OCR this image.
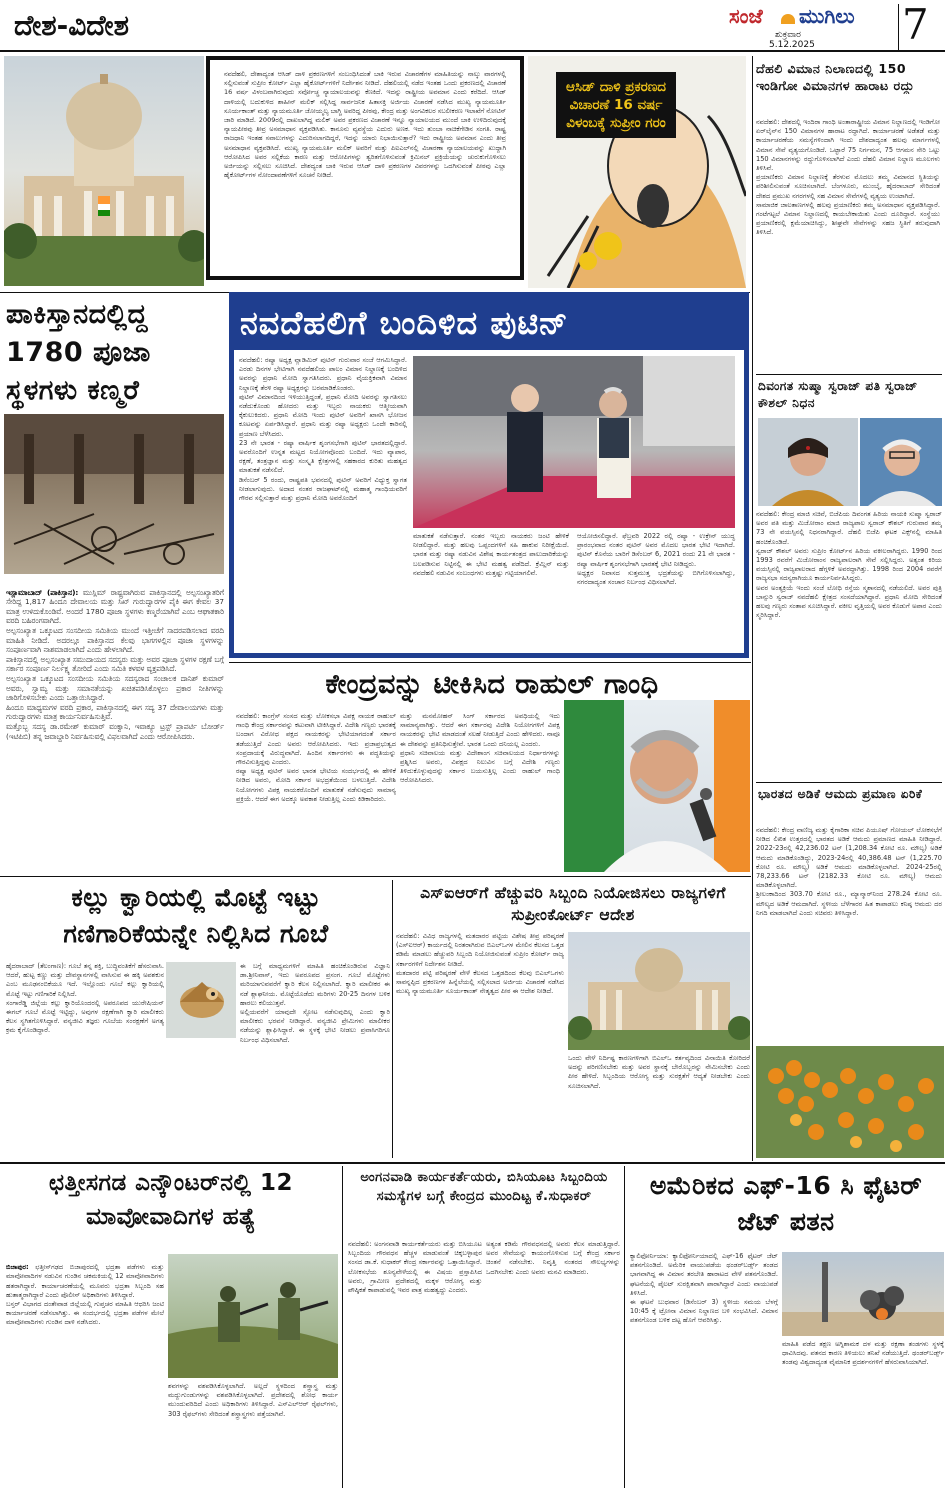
ದೇಶ-ವಿದೇಶ	ಸಂಜೆ ಮುಗಿಲು
ಶುಕ್ರವಾರ
5.12.2025 7
ನವದೆಹಲಿ, ದೇಶಾದ್ಯಂತ ಆಸಿಡ್ ದಾಳಿ ಪ್ರಕರಣಗಳಿಗೆ ಸಂಬಂಧಿಸಿದಂತೆ ಬಾಕಿ ಇರುವ ವಿಚಾರಣೆಗಳ ಮಾಹಿತಿಯನ್ನು ನಾಲ್ಕು ವಾರಗಳಲ್ಲಿ ಸಲ್ಲಿಸುವಂತೆ ಸುಪ್ರೀಂ ಕೋರ್ಟ್ ಎಲ್ಲಾ ಹೈಕೋರ್ಟ್‌ಗಳಿಗೆ ನಿರ್ದೇಶನ ನೀಡಿದೆ. ದೆಹಲಿಯಲ್ಲಿ ನಡೆದ ಇಂತಹ ಒಂದು ಪ್ರಕರಣದಲ್ಲಿ ವಿಚಾರಣೆ 16 ವರ್ಷ ವಿಳಂಬವಾಗಿರುವುದು ಸರ್ವೋಚ್ಚ ನ್ಯಾಯಾಲಯವನ್ನು ಕೆಣಕಿದೆ. ಇದನ್ನು ರಾಷ್ಟ್ರೀಯ ಅವಮಾನ ಎಂದು ಕರೆದಿದೆ. ಆಸಿಡ್ ದಾಳಿಯಲ್ಲಿ ಬದುಕುಳಿದ ಶಾಹೀನ್ ಮಲಿಕ್ ಸಲ್ಲಿಸಿದ್ದ ಸಾರ್ವಜನಿಕ ಹಿತಾಸಕ್ತಿ ಅರ್ಜಿಯ ವಿಚಾರಣೆ ನಡೆಸಿದ ಮುಖ್ಯ ನ್ಯಾಯಮೂರ್ತಿ ಸೂರ್ಯಕಾಂತ್ ಮತ್ತು ನ್ಯಾಯಮೂರ್ತಿ ಜೋಯ್ಮಲ್ಯ ಬಾಗ್ಚಿ ಅವರಿದ್ದ ಪೀಠವು, ಕೇಂದ್ರ ಮತ್ತು ಅಂಗವಿಕಲರ ಸಬಲೀಕರಣ ಇಲಾಖೆಗೆ ನೋಟಿಸ್ ಜಾರಿ ಮಾಡಿದೆ. 2009ರಲ್ಲಿ ದಾಖಲಾಗಿದ್ದ ಮಲಿಕ್ ಅವರ ಪ್ರಕರಣದ ವಿಚಾರಣೆ ಇನ್ನೂ ನ್ಯಾಯಾಲಯದ ಮುಂದೆ ಬಾಕಿ ಉಳಿದಿರುವುದಕ್ಕೆ ನ್ಯಾಯಪೀಠವು ತೀವ್ರ ಅಸಮಾಧಾನ ವ್ಯಕ್ತಪಡಿಸಿತು. ಕಾನೂನು ವ್ಯವಸ್ಥೆಯ ಎದುರು ಅಣಕ. ಇದು ತುಂಬಾ ನಾಚಿಕೆಗೇಡಿನ ಸಂಗತಿ. ರಾಷ್ಟ್ರ ರಾಜಧಾನಿ ಇಂತಹ ಸವಾಲುಗಳನ್ನು ಎದುರಿಸಲಾಗದಿದ್ದರೆ, ಇದನ್ನು ಯಾರು ನಿಭಾಯಿಸುತ್ತಾರೆ? ಇದು ರಾಷ್ಟ್ರೀಯ ಅವಮಾನ ಎಂದು ತೀವ್ರ ಅಸಮಾಧಾನ ವ್ಯಕ್ತಪಡಿಸಿದೆ. ಮುಖ್ಯ ನ್ಯಾಯಮೂರ್ತಿ ಮಲಿಕ್ ಅವರಿಗೆ ಮತ್ತು ಪಿಐಎಲ್‌ನಲ್ಲಿ ವಿಚಾರಣಾ ನ್ಯಾಯಾಲಯವನ್ನು ಖುದ್ದಾಗಿ ಆರೋಪಿಸಿದ ಅವರ ಸಲ್ಲಿಕೆಯ ಕಾರಣ ಮತ್ತು ಆರೋಪಿಗಳನ್ನು ತ್ವರಿತಗೊಳಿಸುವಂತೆ ಕ್ರಿಮಿನಲ್ ಪ್ರಕ್ರಿಯೆಯನ್ನು ಚುರುಕುಗೊಳಿಸಲು ಅರ್ಜಿಯನ್ನು ಸಲ್ಲಿಸಲು ಸೂಚಿಸಿದೆ. ದೇಶದ್ಯಂತ ಬಾಕಿ ಇರುವ ಆಸಿಡ್ ದಾಳಿ ಪ್ರಕರಣಗಳ ವಿವರಗಳನ್ನು ಒದಗಿಸುವಂತೆ ಪೀಠವು ಎಲ್ಲಾ ಹೈಕೋರ್ಟ್‌ಗಳ ನೋಂದಾವಣೆಗಳಿಗೆ ಸೂಚನೆ ನೀಡಿದೆ.
ಆಸಿಡ್ ದಾಳಿ ಪ್ರಕರಣದ ವಿಚಾರಣೆ 16 ವರ್ಷ ವಿಳಂಬಕ್ಕೆ ಸುಪ್ರೀಂ ಗರಂ
ಪಾಕಿಸ್ತಾನದಲ್ಲಿದ್ದ 1780 ಪೂಜಾ ಸ್ಥಳಗಳು ಕಣ್ಮರೆ

ಇಸ್ಲಾಮಾಬಾದ್ (ಪಾಕಿಸ್ತಾನ): ಮುಸ್ಲಿಮ್ ರಾಷ್ಟ್ರವಾಗಿರುವ ಪಾಕಿಸ್ತಾನದಲ್ಲಿ ಅಲ್ಪಸಂಖ್ಯಾತರಿಗೆ ಸೇರಿದ್ದ 1,817 ಹಿಂದೂ ದೇವಾಲಯ ಮತ್ತು ಸಿಖ್ ಗುರುದ್ವಾರಗಳ ಪೈಕಿ ಈಗ ಕೇವಲ 37 ಮಾತ್ರ ಉಳಿದುಕೊಂಡಿವೆ. ಅಂದರೆ 1780 ಪೂಜಾ ಸ್ಥಳಗಳು ಕಣ್ಮರೆಯಾಗಿವೆ ಎಂಬ ಆಘಾತಕಾರಿ ವರದಿ ಬಹಿರಂಗವಾಗಿದೆ.
ಅಲ್ಪಸಂಖ್ಯಾತ ಒಕ್ಕೂಟದ ಸಂಸದೀಯ ಸಮಿತಿಯ ಮುಂದೆ ಇತ್ತೀಚೆಗೆ ಸಾದರಪಡಿಸಲಾದ ವರದಿ ಮಾಹಿತಿ ನೀಡಿದೆ. ಅದರಲ್ಲೂ ಪಾಕಿಸ್ತಾನದ ಕೆಲವು ಭಾಗಗಳಲ್ಲಿನ ಪೂಜಾ ಸ್ಥಳಗಳನ್ನು ಸಂಪೂರ್ಣವಾಗಿ ನಾಶಮಾಡಲಾಗಿದೆ ಎಂದು ಹೇಳಲಾಗಿದೆ.
ಪಾಕಿಸ್ತಾನದಲ್ಲಿ ಅಲ್ಪಸಂಖ್ಯಾತ ಸಮುದಾಯದ ಸದಸ್ಯರು ಮತ್ತು ಅವರ ಪೂಜಾ ಸ್ಥಳಗಳ ರಕ್ಷಣೆ ಬಗ್ಗೆ ಸರ್ಕಾರ ಸಂಪೂರ್ಣ ನಿರ್ಲಕ್ಷ್ಯ ತೋರಿದೆ ಎಂದು ಸಮಿತಿ ಕಳವಳ ವ್ಯಕ್ತಪಡಿಸಿದೆ.
ಅಲ್ಪಸಂಖ್ಯಾತ ಒಕ್ಕೂಟದ ಸಂಸದೀಯ ಸಮಿತಿಯ ಸದಸ್ಯರಾದ ಸಂಚಾಲಕ ದಾನಿಶ್ ಕುಮಾರ್ ಅವರು, ಸ್ವಾಮ್ಯ ಮತ್ತು ಸಮಾನತೆಯನ್ನು ಖಚಿತಪಡಿಸಿಕೊಳ್ಳಲು ಪ್ರಕಾರ ನೀತಿಗಳನ್ನು ಜಾರಿಗೊಳಿಸಬೇಕು ಎಂದು ಒತ್ತಾಯಿಸಿದ್ದಾರೆ.
ಹಿಂದೂ ಮಾಧ್ಯಮಗಳ ವರದಿ ಪ್ರಕಾರ, ಪಾಕಿಸ್ತಾನದಲ್ಲಿ ಈಗ ಸದ್ಯ 37 ದೇವಾಲಯಗಳು ಮತ್ತು ಗುರುದ್ವಾರಗಳು ಮಾತ್ರ ಕಾರ್ಯನಿರ್ವಹಿಸುತ್ತಿವೆ.
ಮತ್ತೊಬ್ಬ ಸದಸ್ಯ ಡಾ.ರಮೇಶ್ ಕುಮಾರ್ ವಂಕ್ವಾನಿ, ಇವಾಕ್ಯೂ ಟ್ರಸ್ಟ್ ಪ್ರಾಪರ್ಟಿ ಬೋರ್ಡ್ (ಇಟಿಪಿಬಿ) ತನ್ನ ಜವಾಬ್ದಾರಿ ನಿರ್ವಹಿಸುವಲ್ಲಿ ವಿಫಲವಾಗಿದೆ ಎಂದು ಆರೋಪಿಸಿದರು.

ನವದೆಹಲಿಗೆ ಬಂದಿಳಿದ ಪುಟಿನ್
ನವದೆಹಲಿ: ರಷ್ಯಾ ಅಧ್ಯಕ್ಷ ವ್ಲಾಡಿಮಿರ್ ಪುಟಿನ್ ಗುರುವಾರ ಸಂಜೆ ಆಗಮಿಸಿದ್ದಾರೆ. ಎರಡು ದಿನಗಳ ಭೇಟಿಗಾಗಿ ನವದೆಹಲಿಯ ಪಾಲಂ ವಿಮಾನ ನಿಲ್ದಾಣಕ್ಕೆ ಬಂದಿಳಿದ ಅವರನ್ನು ಪ್ರಧಾನಿ ಮೋದಿ ಸ್ವಾಗತಿಸಿದರು. ಪ್ರಧಾನಿ ವೈಯಕ್ತಿಕವಾಗಿ ವಿಮಾನ ನಿಲ್ದಾಣಕ್ಕೆ ತೆರಳಿ ರಷ್ಯಾ ಅಧ್ಯಕ್ಷರನ್ನು ಬರಮಾಡಿಕೊಂಡರು.
ಪುಟಿನ್ ವಿಮಾನದಿಂದ ಇಳಿಯುತ್ತಿದ್ದಂತೆ, ಪ್ರಧಾನಿ ಮೋದಿ ಅವರನ್ನು ಸ್ವಾಗತಿಸಲು ನಡೆದುಕೊಂಡು ಹೋದರು ಮತ್ತು ಇಬ್ಬರು ನಾಯಕರು ಆತ್ಮೀಯವಾಗಿ ಕೈಕುಲುಕಿದರು. ಪ್ರಧಾನಿ ಮೋದಿ ಇಂದು ಪುಟಿನ್ ಅವರಿಗೆ ಖಾಸಗಿ ಭೋಜನ ಕೂಟವನ್ನು ಏರ್ಪಡಿಸಿದ್ದಾರೆ. ಪ್ರಧಾನಿ ಮತ್ತು ರಷ್ಯಾ ಅಧ್ಯಕ್ಷರು ಒಂದೇ ಕಾರಿನಲ್ಲಿ ಪ್ರಯಾಣ ಬೆಳೆಸಿದರು.
23 ನೇ ಭಾರತ - ರಷ್ಯಾ ವಾರ್ಷಿಕ ಶೃಂಗಸಭೆಗಾಗಿ ಪುಟಿನ್ ಭಾರತದಲ್ಲಿದ್ದಾರೆ. ಅವರೊಂದಿಗೆ ಉನ್ನತ ಮಟ್ಟದ ನಿಯೋಗವೊಂದು ಬಂದಿದೆ. ಇದು ವ್ಯಾಪಾರ, ರಕ್ಷಣೆ, ತಂತ್ರಜ್ಞಾನ ಮತ್ತು ಸಂಸ್ಕೃತಿ ಕ್ಷೇತ್ರಗಳಲ್ಲಿ ಸಹಕಾರದ ಕುರಿತು ಮಹತ್ವದ ಮಾತುಕತೆ ನಡೆಸಲಿದೆ.
ಡಿಸೆಂಬರ್ 5 ರಂದು, ರಾಷ್ಟ್ರಪತಿ ಭವನದಲ್ಲಿ ಪುಟಿನ್ ಅವರಿಗೆ ವಿಧ್ಯುಕ್ತ ಸ್ವಾಗತ ನೀಡಲಾಗುವುದು. ಅದಾದ ನಂತರ ರಾಜಘಾಟ್‌ನಲ್ಲಿ ಮಹಾತ್ಮ ಗಾಂಧಿಯವರಿಗೆ ಗೌರವ ಸಲ್ಲಿಸುತ್ತಾರೆ ಮತ್ತು ಪ್ರಧಾನಿ ಮೋದಿ ಅವರೊಂದಿಗೆ
ಮಾತುಕತೆ ನಡೆಸುತ್ತಾರೆ. ನಂತರ ಇಬ್ಬರು ನಾಯಕರು ಜಂಟಿ ಹೇಳಿಕೆ ನೀಡಲಿದ್ದಾರೆ. ಮತ್ತು ಹಲವು ಒಪ್ಪಂದಗಳಿಗೆ ಸಹಿ ಹಾಕುವ ನಿರೀಕ್ಷೆಯಿದೆ. ಭಾರತ ಮತ್ತು ರಷ್ಯಾ ನಡುವಿನ ವಿಶೇಷ ಕಾರ್ಯತಂತ್ರದ ಪಾಲುದಾರಿಕೆಯನ್ನು ಬಲಪಡಿಸುವ ನಿಟ್ಟಿನಲ್ಲಿ ಈ ಭೇಟಿ ಮಹತ್ವ ಪಡೆದಿದೆ. ಕ್ರೆಮ್ಲಿನ್ ಮತ್ತು ನವದೆಹಲಿ ನಡುವಿನ ಸಂಬಂಧಗಳು ಮತ್ತಷ್ಟು ಗಟ್ಟಿಯಾಗಲಿವೆ.
ಆಯೋಜಿಸಲಿದ್ದಾರೆ. ಫೆಬ್ರವರಿ 2022 ರಲ್ಲಿ ರಷ್ಯಾ - ಉಕ್ರೇನ್ ಯುದ್ಧ ಪ್ರಾರಂಭವಾದ ನಂತರ ಪುಟಿನ್ ಅವರ ಮೊದಲ ಭಾರತ ಭೇಟಿ ಇದಾಗಿದೆ. ಪುಟಿನ್ ಕೊನೆಯ ಬಾರಿಗೆ ಡಿಸೆಂಬರ್ 6, 2021 ರಂದು 21 ನೇ ಭಾರತ - ರಷ್ಯಾ ವಾರ್ಷಿಕ ಶೃಂಗಸಭೆಗಾಗಿ ಭಾರತಕ್ಕೆ ಭೇಟಿ ನೀಡಿದ್ದರು.
ಅಧ್ಯಕ್ಷರ ನಿವಾಸದ ಸುತ್ತಮುತ್ತ ಭದ್ರತೆಯನ್ನು ಬಿಗಿಗೊಳಿಸಲಾಗಿದ್ದು, ನಗರದಾದ್ಯಂತ ಸಂಚಾರ ನಿರ್ಬಂಧ ವಿಧಿಸಲಾಗಿದೆ.
ದೆಹಲಿ ವಿಮಾನ ನಿಲಾಣದಲ್ಲಿ 150 ಇಂಡಿಗೋ ವಿಮಾನಗಳ ಹಾರಾಟ ರದ್ದು
ನವದೆಹಲಿ: ದೇಶದಲ್ಲಿ ಇಂದಿರಾ ಗಾಂಧಿ ಅಂತಾರಾಷ್ಟ್ರೀಯ ವಿಮಾನ ನಿಲ್ದಾಣದಲ್ಲಿ ಇಂಡಿಗೋ ಏರ್‌ಲೈನ್‌ನ 150 ವಿಮಾನಗಳ ಹಾರಾಟ ರದ್ದಾಗಿದೆ. ಕಾರ್ಯಾಚರಣೆ ಅಡೆತಡೆ ಮತ್ತು ಕಾರ್ಯಾಚರಣೆಯ ಸಮಸ್ಯೆಗಳಿಂದಾಗಿ ಇಂದು ದೇಶದಾದ್ಯಂತ ಹಲವು ಮಾರ್ಗಗಳಲ್ಲಿ ವಿಮಾನ ಸೇವೆ ವ್ಯತ್ಯಯಗೊಂಡಿದೆ. ಒಟ್ಟಾರೆ 75 ನಿರ್ಗಮನ, 75 ಆಗಮನ ಸೇರಿ ಒಟ್ಟು 150 ವಿಮಾನಗಳನ್ನು ರದ್ದುಗೊಳಿಸಲಾಗಿದೆ ಎಂದು ದೆಹಲಿ ವಿಮಾನ ನಿಲ್ದಾಣ ಮೂಲಗಳು ತಿಳಿಸಿವೆ.
ಪ್ರಯಾಣಿಕರು ವಿಮಾನ ನಿಲ್ದಾಣಕ್ಕೆ ತೆರಳುವ ಮೊದಲು ತಮ್ಮ ವಿಮಾನದ ಸ್ಥಿತಿಯನ್ನು ಪರಿಶೀಲಿಸುವಂತೆ ಸೂಚಿಸಲಾಗಿದೆ. ಬೆಂಗಳೂರು, ಮುಂಬೈ, ಹೈದರಾಬಾದ್ ಸೇರಿದಂತೆ ದೇಶದ ಪ್ರಮುಖ ನಗರಗಳಲ್ಲಿ ಸಹ ವಿಮಾನ ಸೇವೆಗಳಲ್ಲಿ ವ್ಯತ್ಯಯ ಉಂಟಾಗಿದೆ.
ಸಾಮಾಜಿಕ ಜಾಲತಾಣಗಳಲ್ಲಿ ಹಲವು ಪ್ರಯಾಣಿಕರು ತಮ್ಮ ಅಸಮಾಧಾನ ವ್ಯಕ್ತಪಡಿಸಿದ್ದಾರೆ. ಗಂಟೆಗಟ್ಟಲೆ ವಿಮಾನ ನಿಲ್ದಾಣದಲ್ಲಿ ಕಾಯಬೇಕಾಯಿತು ಎಂದು ದೂರಿದ್ದಾರೆ. ಸಂಸ್ಥೆಯು ಪ್ರಯಾಣಿಕರಲ್ಲಿ ಕ್ಷಮೆಯಾಚಿಸಿದ್ದು, ಶೀಘ್ರವೇ ಸೇವೆಗಳನ್ನು ಸಹಜ ಸ್ಥಿತಿಗೆ ತರುವುದಾಗಿ ತಿಳಿಸಿದೆ.
ದಿವಂಗತ ಸುಷ್ಮಾ ಸ್ವರಾಜ್ ಪತಿ ಸ್ವರಾಜ್ ಕೌಶಲ್ ನಿಧನ
ನವದೆಹಲಿ: ಕೇಂದ್ರ ಮಾಜಿ ಸಚಿವೆ, ಬಿಜೆಪಿಯ ದಿವಂಗತ ಹಿರಿಯ ನಾಯಕಿ ಸುಷ್ಮಾ ಸ್ವರಾಜ್ ಅವರ ಪತಿ ಮತ್ತು ಮಿಜೋರಾಂ ಮಾಜಿ ರಾಜ್ಯಪಾಲ ಸ್ವರಾಜ್ ಕೌಶಲ್ ಗುರುವಾರ ತಮ್ಮ 73 ನೇ ವಯಸ್ಸಿನಲ್ಲಿ ನಿಧನರಾಗಿದ್ದಾರೆ. ದೆಹಲಿ ಬಿಜೆಪಿ ಘಟಕ ಎಕ್ಸ್‌ನಲ್ಲಿ ಮಾಹಿತಿ ಹಂಚಿಕೊಂಡಿದೆ.
ಸ್ವರಾಜ್ ಕೌಶಲ್ ಅವರು ಸುಪ್ರೀಂ ಕೋರ್ಟ್‌ನ ಹಿರಿಯ ವಕೀಲರಾಗಿದ್ದರು. 1990 ರಿಂದ 1993 ರವರೆಗೆ ಮಿಜೋರಾಂನ ರಾಜ್ಯಪಾಲರಾಗಿ ಸೇವೆ ಸಲ್ಲಿಸಿದ್ದರು. ಅತ್ಯಂತ ಕಿರಿಯ ವಯಸ್ಸಿನಲ್ಲಿ ರಾಜ್ಯಪಾಲರಾದ ಹೆಗ್ಗಳಿಕೆ ಅವರದ್ದಾಗಿತ್ತು. 1998 ರಿಂದ 2004 ರವರೆಗೆ ರಾಜ್ಯಸಭಾ ಸದಸ್ಯರಾಗಿಯೂ ಕಾರ್ಯನಿರ್ವಹಿಸಿದ್ದರು.
ಅವರ ಅಂತ್ಯಕ್ರಿಯೆ ಇಂದು ಸಂಜೆ ಲೋಧಿ ರಸ್ತೆಯ ಸ್ಮಶಾನದಲ್ಲಿ ನಡೆಯಲಿದೆ. ಅವರ ಪುತ್ರಿ ಬಾನ್ಸುರಿ ಸ್ವರಾಜ್ ನವದೆಹಲಿ ಕ್ಷೇತ್ರದ ಸಂಸದೆಯಾಗಿದ್ದಾರೆ. ಪ್ರಧಾನಿ ಮೋದಿ ಸೇರಿದಂತೆ ಹಲವು ಗಣ್ಯರು ಸಂತಾಪ ಸೂಚಿಸಿದ್ದಾರೆ. ವಕೀಲ ವೃತ್ತಿಯಲ್ಲಿ ಅವರ ಕೊಡುಗೆ ಅಪಾರ ಎಂದು ಸ್ಮರಿಸಿದ್ದಾರೆ.
ಭಾರತದ ಅಡಿಕೆ ಆಮದು ಪ್ರಮಾಣ ಏರಿಕೆ
ನವದೆಹಲಿ: ಕೇಂದ್ರ ವಾಣಿಜ್ಯ ಮತ್ತು ಕೈಗಾರಿಕಾ ಸಚಿವ ಪಿಯೂಷ್ ಗೋಯಲ್ ಲೋಕಸಭೆಗೆ ನೀಡಿದ ಲಿಖಿತ ಉತ್ತರದಲ್ಲಿ ಭಾರತದ ಅಡಿಕೆ ಆಮದು ಪ್ರಮಾಣದ ಮಾಹಿತಿ ನೀಡಿದ್ದಾರೆ. 2022-23ರಲ್ಲಿ 42,236.02 ಟನ್ (1,208.34 ಕೋಟಿ ರೂ. ಮೌಲ್ಯ) ಅಡಿಕೆ ಆಮದು ಮಾಡಿಕೊಂಡಿದ್ದು, 2023-24ರಲ್ಲಿ 40,386.48 ಟನ್ (1,225.70 ಕೋಟಿ ರೂ. ಮೌಲ್ಯ) ಅಡಿಕೆ ಆಮದು ಮಾಡಿಕೊಳ್ಳಲಾಗಿದೆ. 2024-25ರಲ್ಲಿ 78,233.66 ಟನ್ (2182.33 ಕೋಟಿ ರೂ. ಮೌಲ್ಯ) ಆಮದು ಮಾಡಿಕೊಳ್ಳಲಾಗಿದೆ.
ಶ್ರೀಲಂಕಾದಿಂದ 303.70 ಕೋಟಿ ರೂ., ಮ್ಯಾನ್ಮಾರ್‌ನಿಂದ 278.24 ಕೋಟಿ ರೂ. ಮೌಲ್ಯದ ಅಡಿಕೆ ಆಮದಾಗಿದೆ. ಸ್ಥಳೀಯ ಬೆಳೆಗಾರರ ಹಿತ ಕಾಪಾಡಲು ಕನಿಷ್ಠ ಆಮದು ದರ ನಿಗದಿ ಮಾಡಲಾಗಿದೆ ಎಂದು ಸಚಿವರು ತಿಳಿಸಿದ್ದಾರೆ.
ಕೇಂದ್ರವನ್ನು ಟೀಕಿಸಿದ ರಾಹುಲ್ ಗಾಂಧಿ
ನವದೆಹಲಿ: ಕಾಂಗ್ರೆಸ್ ಸಂಸದ ಮತ್ತು ಲೋಕಸಭಾ ವಿಪಕ್ಷ ನಾಯಕ ರಾಹುಲ್ ಗಾಂಧಿ ಕೇಂದ್ರ ಸರ್ಕಾರವನ್ನು ಕಟುವಾಗಿ ಟೀಕಿಸಿದ್ದಾರೆ. ವಿದೇಶಿ ಗಣ್ಯರು ಭಾರತಕ್ಕೆ ಬಂದಾಗ ವಿರೋಧ ಪಕ್ಷದ ನಾಯಕರನ್ನು ಭೇಟಿಯಾಗದಂತೆ ಸರ್ಕಾರ ತಡೆಯುತ್ತಿದೆ ಎಂದು ಅವರು ಆರೋಪಿಸಿದರು. ಇದು ಪ್ರಜಾಪ್ರಭುತ್ವದ ಸಂಪ್ರದಾಯಕ್ಕೆ ವಿರುದ್ಧವಾಗಿದೆ. ಹಿಂದಿನ ಸರ್ಕಾರಗಳು ಈ ಪದ್ಧತಿಯನ್ನು ಗೌರವಿಸುತ್ತಿದ್ದವು ಎಂದರು.
ರಷ್ಯಾ ಅಧ್ಯಕ್ಷ ಪುಟಿನ್ ಅವರ ಭಾರತ ಭೇಟಿಯ ಸಂದರ್ಭದಲ್ಲಿ ಈ ಹೇಳಿಕೆ ನೀಡಿದ ಅವರು, ಮೋದಿ ಸರ್ಕಾರ ಅಭದ್ರತೆಯಿಂದ ಬಳಲುತ್ತಿದೆ. ವಿದೇಶಿ ನಿಯೋಗಗಳು ವಿಪಕ್ಷ ನಾಯಕರೊಂದಿಗೆ ಮಾತುಕತೆ ನಡೆಸುವುದು ಸಾಮಾನ್ಯ ಪ್ರಕ್ರಿಯೆ. ಆದರೆ ಈಗ ಅದಕ್ಕೂ ಅವಕಾಶ ನೀಡುತ್ತಿಲ್ಲ ಎಂದು ಕಿಡಿಕಾರಿದರು.
ಮತ್ತು ಮನಮೋಹನ್ ಸಿಂಗ್ ಸರ್ಕಾರದ ಅವಧಿಯಲ್ಲಿ ಇದು ಸಾಮಾನ್ಯವಾಗಿತ್ತು. ಆದರೆ ಈಗ ಸರ್ಕಾರವು ವಿದೇಶಿ ನಿಯೋಗಗಳಿಗೆ ವಿಪಕ್ಷ ನಾಯಕರನ್ನು ಭೇಟಿ ಮಾಡದಂತೆ ಸಲಹೆ ನೀಡುತ್ತಿದೆ ಎಂದು ಹೇಳಿದರು. ನಾವೂ ಈ ದೇಶವನ್ನು ಪ್ರತಿನಿಧಿಸುತ್ತೇವೆ. ಭಾರತ ಒಂದು ದನಿಯಲ್ಲ ಎಂದರು.
ಪ್ರಧಾನಿ ಸಚಿವಾಲಯ ಮತ್ತು ವಿದೇಶಾಂಗ ಸಚಿವಾಲಯದ ನಿರ್ಧಾರಗಳನ್ನು ಪ್ರಶ್ನಿಸಿದ ಅವರು, ವಿಪಕ್ಷದ ನಿಲುವಿನ ಬಗ್ಗೆ ವಿದೇಶಿ ಗಣ್ಯರು ತಿಳಿದುಕೊಳ್ಳುವುದನ್ನು ಸರ್ಕಾರ ಬಯಸುತ್ತಿಲ್ಲ ಎಂದು ರಾಹುಲ್ ಗಾಂಧಿ ಆರೋಪಿಸಿದರು.
ಕಲ್ಲು ಕ್ವಾರಿಯಲ್ಲಿ ಮೊಟ್ಟೆ ಇಟ್ಟು ಗಣಿಗಾರಿಕೆಯನ್ನೇ ನಿಲ್ಲಿಸಿದ ಗೂಬೆ
ಹೈದರಾಬಾದ್ (ತೆಲಂಗಾಣ): ಗೂಬೆ ತನ್ನ ಶಕ್ತಿ, ಬುದ್ಧಿವಂತಿಕೆಗೆ ಹೆಸರುವಾಸಿ. ಆದರೆ, ಹುಟ್ಟ ಕಣ್ಣು ಮತ್ತು ದೇವಸ್ಥಾನಗಳಲ್ಲಿ ವಾಸಿಸುವ ಈ ಹಕ್ಕಿ ಅಪಶಕುನ ಎಂಬ ಮೂಢನಂಬಿಕೆಯೂ ಇದೆ. ಇಲ್ಲೊಂದು ಗೂಬೆ ಕಲ್ಲು ಕ್ವಾರಿಯಲ್ಲಿ ಮೊಟ್ಟೆ ಇಟ್ಟು ಗಣಿಗಾರಿಕೆ ನಿಲ್ಲಿಸಿದೆ.
ಸಂಗಾರೆಡ್ಡಿ ಜಿಲ್ಲೆಯ ಕಲ್ಲು ಕ್ವಾರಿಯೊಂದರಲ್ಲಿ ಅಪರೂಪದ ಯುರೇಷಿಯನ್ ಈಗಲ್ ಗೂಬೆ ಮೊಟ್ಟೆ ಇಟ್ಟಿದ್ದು, ಅವುಗಳ ರಕ್ಷಣೆಗಾಗಿ ಕ್ವಾರಿ ಮಾಲೀಕರು ಕೆಲಸ ಸ್ಥಗಿತಗೊಳಿಸಿದ್ದಾರೆ. ವನ್ಯಜೀವಿ ತಜ್ಞರು ಗೂಬೆಯ ಸಂರಕ್ಷಣೆಗೆ ಅಗತ್ಯ ಕ್ರಮ ಕೈಗೊಂಡಿದ್ದಾರೆ.
ಈ ಬಗ್ಗೆ ಮಾಧ್ಯಮಗಳಿಗೆ ಮಾಹಿತಿ ಹಂಚಿಕೊಂಡಿರುವ ವಿಜ್ಞಾನಿ ಡಾ.ಶ್ರೀನಿವಾಸ್, ಇದು ಅಪರೂಪದ ಪ್ರಸಂಗ. ಗೂಬೆ ಮೊಟ್ಟೆಗಳು ಮರಿಯಾಗುವವರೆಗೆ ಕ್ವಾರಿ ಕೆಲಸ ನಿಲ್ಲಿಸಲಾಗಿದೆ. ಕ್ವಾರಿ ಮಾಲೀಕರ ಈ ನಡೆ ಶ್ಲಾಘನೀಯ. ಮೊಟ್ಟೆಯೊಡೆದು ಮರಿಗಳು 20-25 ದಿನಗಳ ಬಳಿಕ ಹಾರಲು ಕಲಿಯುತ್ತವೆ.
ಅಲ್ಲಿಯವರೆಗೆ ಯಾವುದೇ ಸ್ಫೋಟ ನಡೆಸುವುದಿಲ್ಲ ಎಂದು ಕ್ವಾರಿ ಮಾಲೀಕರು ಭರವಸೆ ನೀಡಿದ್ದಾರೆ. ವನ್ಯಜೀವಿ ಪ್ರೇಮಿಗಳು ಮಾಲೀಕರ ನಡೆಯನ್ನು ಶ್ಲಾಘಿಸಿದ್ದಾರೆ. ಈ ಸ್ಥಳಕ್ಕೆ ಭೇಟಿ ನೀಡಲು ಪ್ರವಾಸಿಗರಿಗೂ ನಿರ್ಬಂಧ ವಿಧಿಸಲಾಗಿದೆ.
ಎಸ್‌ಐಆರ್‌ಗೆ ಹೆಚ್ಚುವರಿ ಸಿಬ್ಬಂದಿ ನಿಯೋಜಿಸಲು ರಾಜ್ಯಗಳಿಗೆ ಸುಪ್ರೀಂಕೋರ್ಟ್ ಆದೇಶ
ನವದೆಹಲಿ: ವಿವಿಧ ರಾಜ್ಯಗಳಲ್ಲಿ ಮತದಾರರ ಪಟ್ಟಿಯ ವಿಶೇಷ ತೀವ್ರ ಪರಿಷ್ಕರಣೆ (ಎಸ್‌ಐಆರ್) ಕಾರ್ಯದಲ್ಲಿ ನಿರತರಾಗಿರುವ ಬಿಎಲ್‌ಒಗಳ ಮೇಲಿನ ಕೆಲಸದ ಒತ್ತಡ ಕಡಿಮೆ ಮಾಡಲು ಹೆಚ್ಚುವರಿ ಸಿಬ್ಬಂದಿ ನಿಯೋಜಿಸುವಂತೆ ಸುಪ್ರೀಂ ಕೋರ್ಟ್ ರಾಜ್ಯ ಸರ್ಕಾರಗಳಿಗೆ ನಿರ್ದೇಶನ ನೀಡಿದೆ.
ಮತದಾರರ ಪಟ್ಟಿ ಪರಿಷ್ಕರಣೆ ವೇಳೆ ಕೆಲಸದ ಒತ್ತಡದಿಂದ ಕೆಲವು ಬಿಎಲ್‌ಒಗಳು ಸಾವನ್ನಪ್ಪಿದ ಪ್ರಕರಣಗಳ ಹಿನ್ನೆಲೆಯಲ್ಲಿ ಸಲ್ಲಿಸಲಾದ ಅರ್ಜಿಯ ವಿಚಾರಣೆ ನಡೆಸಿದ ಮುಖ್ಯ ನ್ಯಾಯಮೂರ್ತಿ ಸೂರ್ಯಕಾಂತ್ ನೇತೃತ್ವದ ಪೀಠ ಈ ಆದೇಶ ನೀಡಿದೆ.
ಒಂದು ವೇಳೆ ನಿರ್ದಿಷ್ಟ ಕಾರಣಗಳಿಗಾಗಿ ಬಿಎಲ್‌ಒ ಕರ್ತವ್ಯದಿಂದ ವಿನಾಯಿತಿ ಕೋರಿದರೆ ಅದನ್ನು ಪರಿಗಣಿಸಬೇಕು ಮತ್ತು ಅವರ ಸ್ಥಾನಕ್ಕೆ ಬೇರೊಬ್ಬರನ್ನು ನೇಮಿಸಬೇಕು ಎಂದು ಪೀಠ ಹೇಳಿದೆ. ಸಿಬ್ಬಂದಿಯ ಆರೋಗ್ಯ ಮತ್ತು ಸುರಕ್ಷತೆಗೆ ಆದ್ಯತೆ ನೀಡಬೇಕು ಎಂದು ಸೂಚಿಸಲಾಗಿದೆ.
ಛತ್ತೀಸಗಡ ಎನ್ಕೌಂಟರ್‌ನಲ್ಲಿ 12 ಮಾವೋವಾದಿಗಳ ಹತ್ಯೆ

ಬಿಜಾಪುರ: ಛತ್ತೀಸ್‌ಗಢದ ಬಿಜಾಪುರದಲ್ಲಿ ಭದ್ರತಾ ಪಡೆಗಳು ಮತ್ತು ಮಾವೋವಾದಿಗಳ ನಡುವಿನ ಗುಂಡಿನ ಚಕಮಕಿಯಲ್ಲಿ 12 ಮಾವೋವಾದಿಗಳು ಹತರಾಗಿದ್ದಾರೆ. ಕಾರ್ಯಾಚರಣೆಯಲ್ಲಿ ಮೂವರು ಭದ್ರತಾ ಸಿಬ್ಬಂದಿ ಸಹ ಹುತಾತ್ಮರಾಗಿದ್ದಾರೆ ಎಂದು ಪೊಲೀಸ್ ಅಧಿಕಾರಿಗಳು ತಿಳಿಸಿದ್ದಾರೆ.
ಬಸ್ತರ್ ವಿಭಾಗದ ದಂತೇವಾಡ ಜಿಲ್ಲೆಯಲ್ಲಿ ಗುಪ್ತಚರ ಮಾಹಿತಿ ಆಧರಿಸಿ ಜಂಟಿ ಕಾರ್ಯಾಚರಣೆ ನಡೆಸಲಾಗಿತ್ತು. ಈ ಸಂದರ್ಭದಲ್ಲಿ ಭದ್ರತಾ ಪಡೆಗಳ ಮೇಲೆ ಮಾವೋವಾದಿಗಳು ಗುಂಡಿನ ದಾಳಿ ನಡೆಸಿದರು.

ಶವಗಳನ್ನು ವಶಪಡಿಸಿಕೊಳ್ಳಲಾಗಿದೆ. ಅಲ್ಲದೆ ಸ್ಥಳದಿಂದ ಶಸ್ತ್ರಾಸ್ತ್ರ ಮತ್ತು ಮದ್ದುಗುಂಡುಗಳನ್ನು ವಶಪಡಿಸಿಕೊಳ್ಳಲಾಗಿದೆ. ಪ್ರದೇಶದಲ್ಲಿ ಶೋಧ ಕಾರ್ಯ ಮುಂದುವರಿದಿದೆ ಎಂದು ಅಧಿಕಾರಿಗಳು ತಿಳಿಸಿದ್ದಾರೆ. ಎಸ್‌ಎಲ್‌ಆರ್ ರೈಫಲ್‌ಗಳು, 303 ರೈಫಲ್‌ಗಳು ಸೇರಿದಂತೆ ಶಸ್ತ್ರಾಸ್ತ್ರಗಳು ಪತ್ತೆಯಾಗಿವೆ.
ಅಂಗನವಾಡಿ ಕಾರ್ಯಕರ್ತೆಯರು, ಬಿಸಿಯೂಟ ಸಿಬ್ಬಂದಿಯ ಸಮಸ್ಯೆಗಳ ಬಗ್ಗೆ ಕೇಂದ್ರದ ಮುಂದಿಟ್ಟ ಕೆ.ಸುಧಾಕರ್
ನವದೆಹಲಿ: ಅಂಗನವಾಡಿ ಕಾರ್ಯಕರ್ತೆಯರು ಮತ್ತು ಬಿಸಿಯೂಟ ಸಿಬ್ಬಂದಿಯ ಗೌರವಧನ ಹೆಚ್ಚಳ ಮಾಡುವಂತೆ ಚಿಕ್ಕಬಳ್ಳಾಪುರ ಸಂಸದ ಡಾ.ಕೆ. ಸುಧಾಕರ್ ಕೇಂದ್ರ ಸರ್ಕಾರವನ್ನು ಒತ್ತಾಯಿಸಿದ್ದಾರೆ. ಲೋಕಸಭೆಯ ಶೂನ್ಯವೇಳೆಯಲ್ಲಿ ಈ ವಿಷಯ ಪ್ರಸ್ತಾಪಿಸಿದ ಅವರು, ಗ್ರಾಮೀಣ ಪ್ರದೇಶದಲ್ಲಿ ಮಕ್ಕಳ ಆರೋಗ್ಯ ಮತ್ತು ಪೌಷ್ಠಿಕತೆ ಕಾಪಾಡುವಲ್ಲಿ ಇವರ ಪಾತ್ರ ಮಹತ್ವದ್ದು ಎಂದರು.
ಅತ್ಯಂತ ಕಡಿಮೆ ಗೌರವಧನದಲ್ಲಿ ಅವರು ಕೆಲಸ ಮಾಡುತ್ತಿದ್ದಾರೆ. ಅವರ ಸೇವೆಯನ್ನು ಕಾಯಂಗೊಳಿಸುವ ಬಗ್ಗೆ ಕೇಂದ್ರ ಸರ್ಕಾರ ಚಿಂತನೆ ನಡೆಸಬೇಕು. ನಿವೃತ್ತಿ ನಂತರದ ಸೌಲಭ್ಯಗಳನ್ನು ಒದಗಿಸಬೇಕು ಎಂದು ಅವರು ಮನವಿ ಮಾಡಿದರು.
ಅಮೆರಿಕದ ಎಫ್-16 ಸಿ ಫೈಟರ್ ಜೆಟ್ ಪತನ
ಕ್ಯಾಲಿಫೋರ್ನಿಯಾ: ಕ್ಯಾಲಿಫೋರ್ನಿಯಾದಲ್ಲಿ ಎಫ್-16 ಫೈಟರ್ ಜೆಟ್ ಪತನಗೊಂಡಿದೆ. ಅಮೆರಿಕ ವಾಯುಪಡೆಯ ಥಂಡರ್‌ಬರ್ಡ್ಸ್ ತಂಡದ ಭಾಗವಾಗಿದ್ದ ಈ ವಿಮಾನ ತರಬೇತಿ ಹಾರಾಟದ ವೇಳೆ ಪತನಗೊಂಡಿದೆ. ಘಟನೆಯಲ್ಲಿ ಪೈಲಟ್ ಸುರಕ್ಷಿತವಾಗಿ ಪಾರಾಗಿದ್ದಾರೆ ಎಂದು ವಾಯುಪಡೆ ತಿಳಿಸಿದೆ.
ಈ ಘಟನೆ ಬುಧವಾರ (ಡಿಸೆಂಬರ್ 3) ಸ್ಥಳೀಯ ಸಮಯ ಬೆಳಗ್ಗೆ 10:45 ಕ್ಕೆ ಟ್ರೋನಾ ವಿಮಾನ ನಿಲ್ದಾಣದ ಬಳಿ ಸಂಭವಿಸಿದೆ. ವಿಮಾನ ಪತನಗೊಂಡ ಬಳಿಕ ದಟ್ಟ ಹೊಗೆ ಆವರಿಸಿತ್ತು.
ಮಾಹಿತಿ ಪಡೆದ ತಕ್ಷಣ ಅಗ್ನಿಶಾಮಕ ದಳ ಮತ್ತು ರಕ್ಷಣಾ ತಂಡಗಳು ಸ್ಥಳಕ್ಕೆ ಧಾವಿಸಿದವು. ಪತನದ ಕಾರಣ ತಿಳಿಯಲು ತನಿಖೆ ನಡೆಯುತ್ತಿದೆ. ಥಂಡರ್‌ಬರ್ಡ್ಸ್ ತಂಡವು ವಿಶ್ವದಾದ್ಯಂತ ವೈಮಾನಿಕ ಪ್ರದರ್ಶನಗಳಿಗೆ ಹೆಸರುವಾಸಿಯಾಗಿದೆ.
